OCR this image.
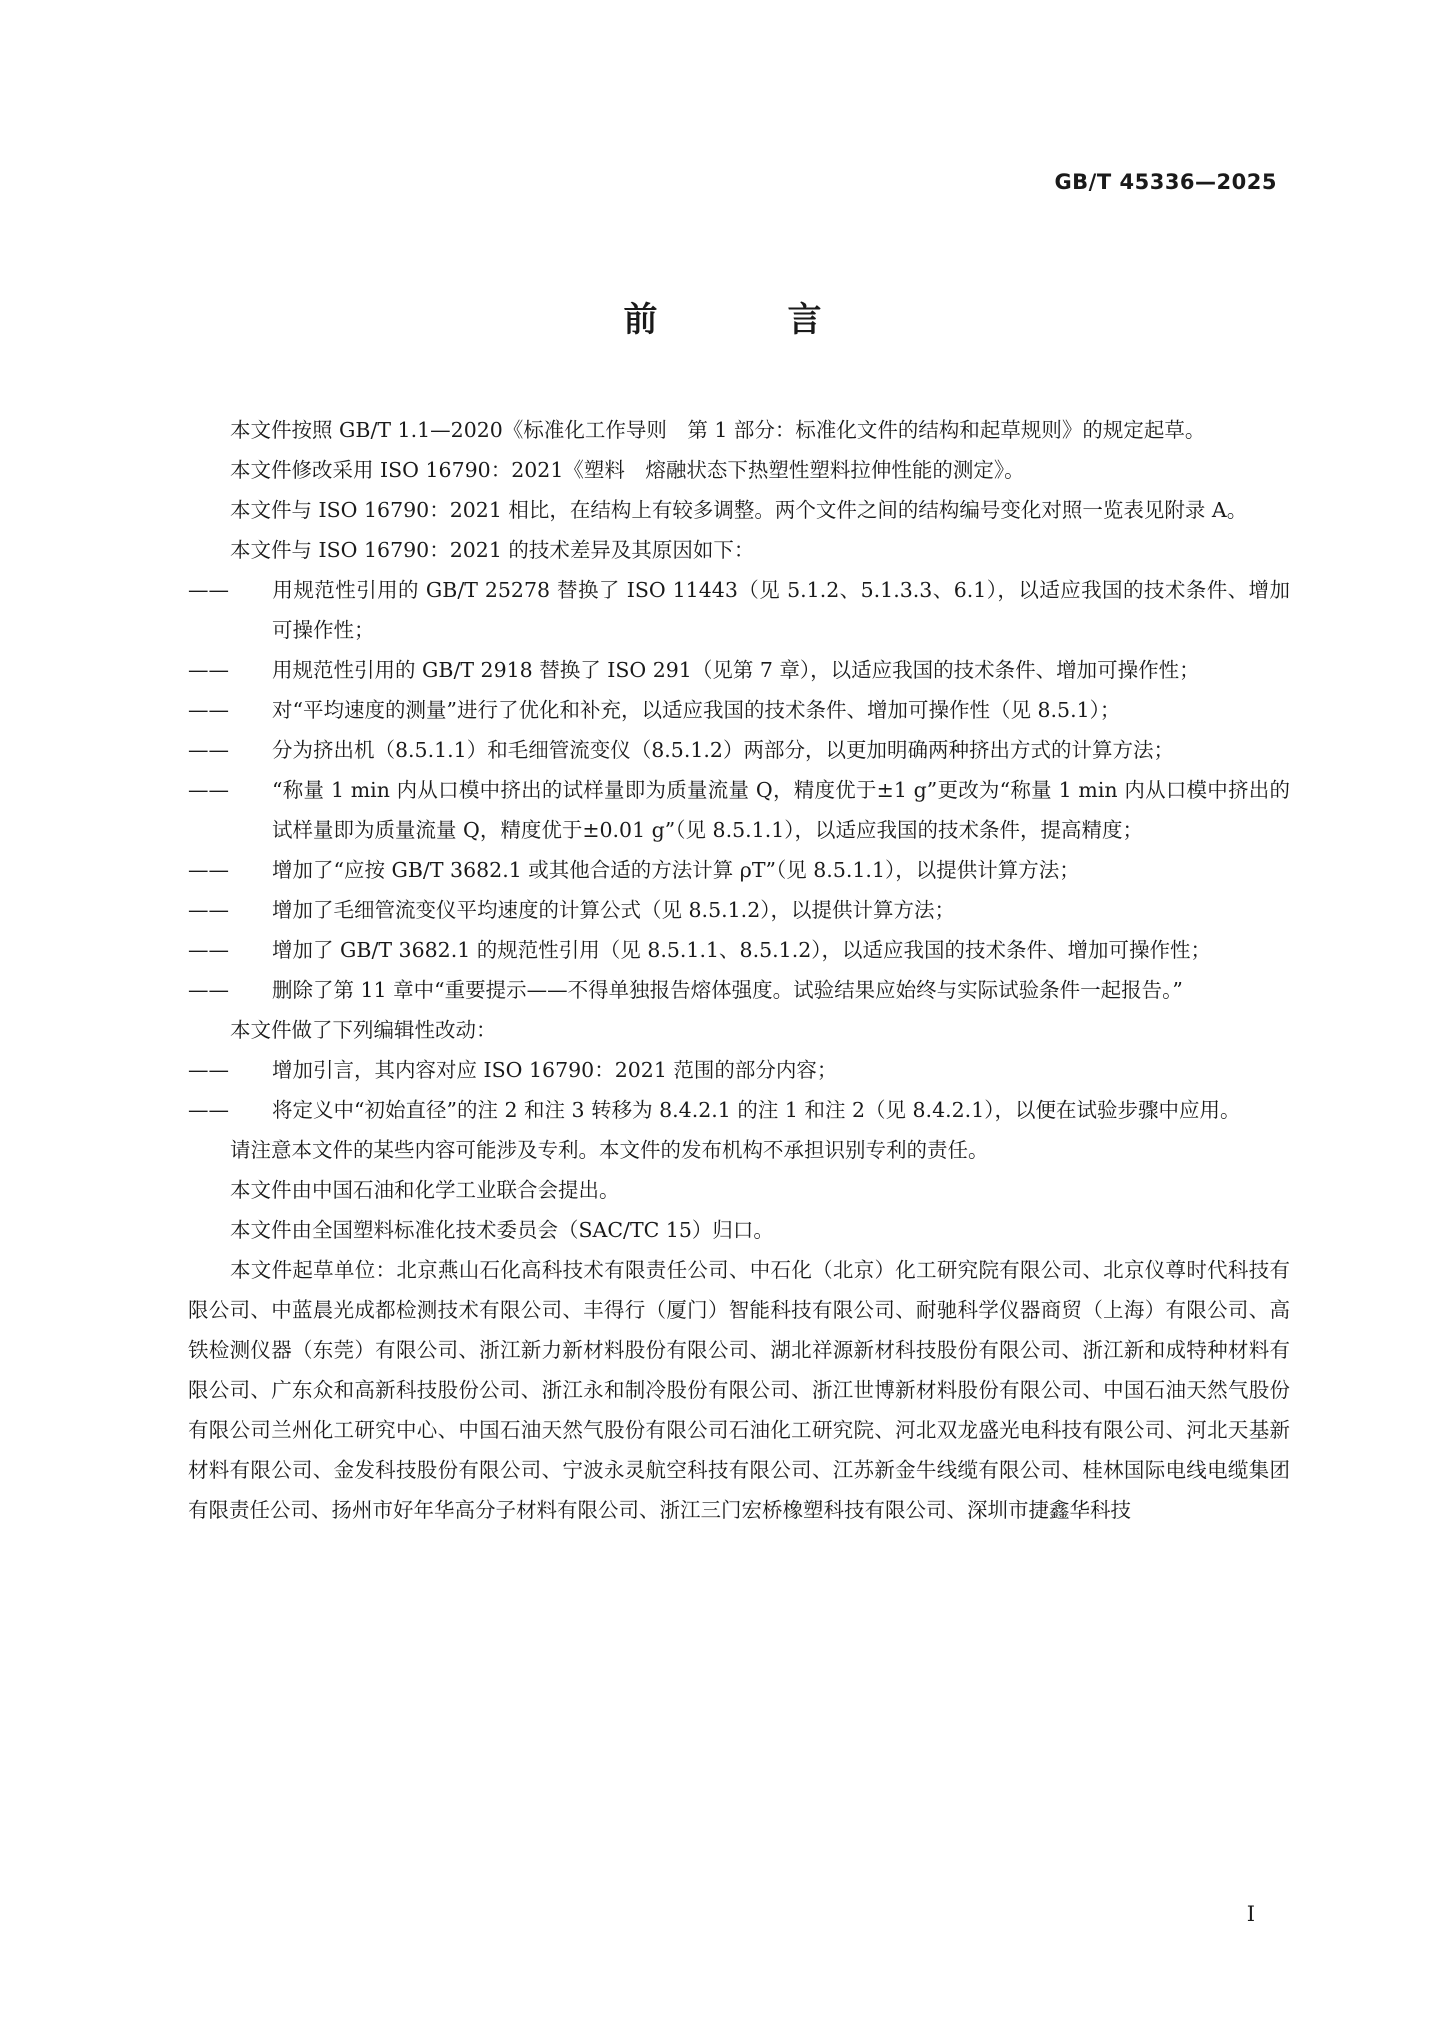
GB/T 45336—2025
前　言

本文件按照 GB/T 1.1—2020《标准化工作导则　第 1 部分：标准化文件的结构和起草规则》的规定起草。

本文件修改采用 ISO 16790：2021《塑料　熔融状态下热塑性塑料拉伸性能的测定》。

本文件与 ISO 16790：2021 相比，在结构上有较多调整。两个文件之间的结构编号变化对照一览表见附录 A。

本文件与 ISO 16790：2021 的技术差异及其原因如下：

—— 用规范性引用的 GB/T 25278 替换了 ISO 11443（见 5.1.2、5.1.3.3、6.1），以适应我国的技术条件、增加可操作性；

—— 用规范性引用的 GB/T 2918 替换了 ISO 291（见第 7 章），以适应我国的技术条件、增加可操作性；

—— 对“平均速度的测量”进行了优化和补充，以适应我国的技术条件、增加可操作性（见 8.5.1）；

—— 分为挤出机（8.5.1.1）和毛细管流变仪（8.5.1.2）两部分，以更加明确两种挤出方式的计算方法；

—— “称量 1 min 内从口模中挤出的试样量即为质量流量 Q，精度优于±1 g”更改为“称量 1 min 内从口模中挤出的试样量即为质量流量 Q，精度优于±0.01 g”（见 8.5.1.1），以适应我国的技术条件，提高精度；

—— 增加了“应按 GB/T 3682.1 或其他合适的方法计算 ρT”（见 8.5.1.1），以提供计算方法；

—— 增加了毛细管流变仪平均速度的计算公式（见 8.5.1.2），以提供计算方法；

—— 增加了 GB/T 3682.1 的规范性引用（见 8.5.1.1、8.5.1.2），以适应我国的技术条件、增加可操作性；

—— 删除了第 11 章中“重要提示——不得单独报告熔体强度。试验结果应始终与实际试验条件一起报告。”

本文件做了下列编辑性改动：

—— 增加引言，其内容对应 ISO 16790：2021 范围的部分内容；

—— 将定义中“初始直径”的注 2 和注 3 转移为 8.4.2.1 的注 1 和注 2（见 8.4.2.1），以便在试验步骤中应用。

请注意本文件的某些内容可能涉及专利。本文件的发布机构不承担识别专利的责任。

本文件由中国石油和化学工业联合会提出。

本文件由全国塑料标准化技术委员会（SAC/TC 15）归口。

本文件起草单位：北京燕山石化高科技术有限责任公司、中石化（北京）化工研究院有限公司、北京仪尊时代科技有限公司、中蓝晨光成都检测技术有限公司、丰得行（厦门）智能科技有限公司、耐驰科学仪器商贸（上海）有限公司、高铁检测仪器（东莞）有限公司、浙江新力新材料股份有限公司、湖北祥源新材科技股份有限公司、浙江新和成特种材料有限公司、广东众和高新科技股份公司、浙江永和制冷股份有限公司、浙江世博新材料股份有限公司、中国石油天然气股份有限公司兰州化工研究中心、中国石油天然气股份有限公司石油化工研究院、河北双龙盛光电科技有限公司、河北天基新材料有限公司、金发科技股份有限公司、宁波永灵航空科技有限公司、江苏新金牛线缆有限公司、桂林国际电线电缆集团有限责任公司、扬州市好年华高分子材料有限公司、浙江三门宏桥橡塑科技有限公司、深圳市捷鑫华科技

I
